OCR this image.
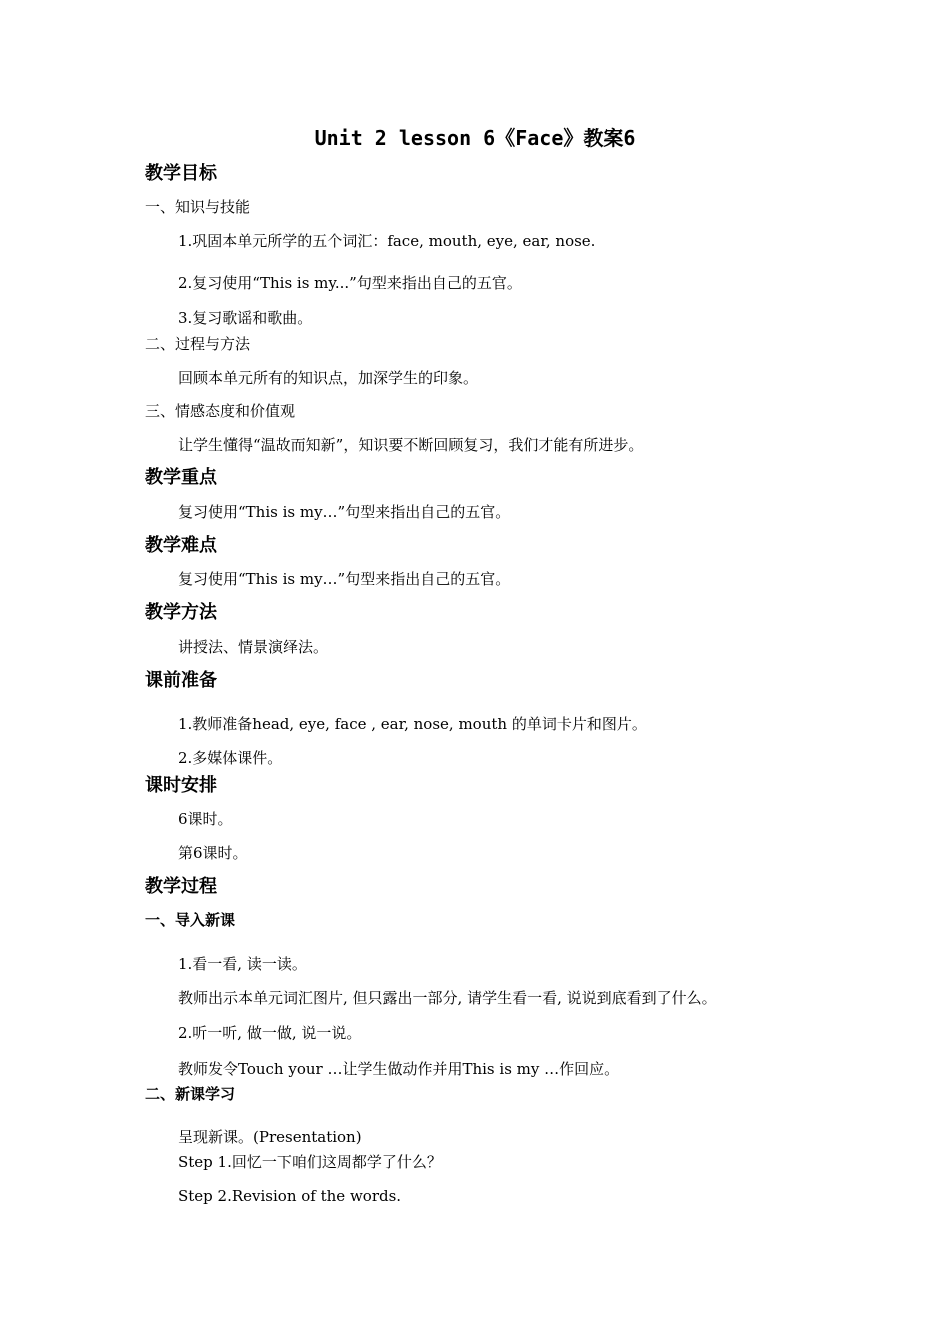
Unit 2 lesson 6《Face》教案6
教学目标
一、知识与技能
1.巩固本单元所学的五个词汇：face, mouth, eye, ear, nose.
2.复习使用“This is my...”句型来指出自己的五官。
3.复习歌谣和歌曲。
二、过程与方法
回顾本单元所有的知识点，加深学生的印象。
三、情感态度和价值观
让学生懂得“温故而知新”，知识要不断回顾复习，我们才能有所进步。
教学重点
复习使用“This is my…”句型来指出自己的五官。
教学难点
复习使用“This is my…”句型来指出自己的五官。
教学方法
讲授法、情景演绎法。
课前准备
1.教师准备head, eye, face , ear, nose, mouth 的单词卡片和图片。
2.多媒体课件。
课时安排
6课时。
第6课时。
教学过程
一、导入新课
1.看一看, 读一读。
教师出示本单元词汇图片, 但只露出一部分, 请学生看一看, 说说到底看到了什么。
2.听一听, 做一做, 说一说。
教师发令Touch your …让学生做动作并用This is my …作回应。
二、新课学习
呈现新课。(Presentation)
Step 1.回忆一下咱们这周都学了什么？
Step 2.Revision of the words.
